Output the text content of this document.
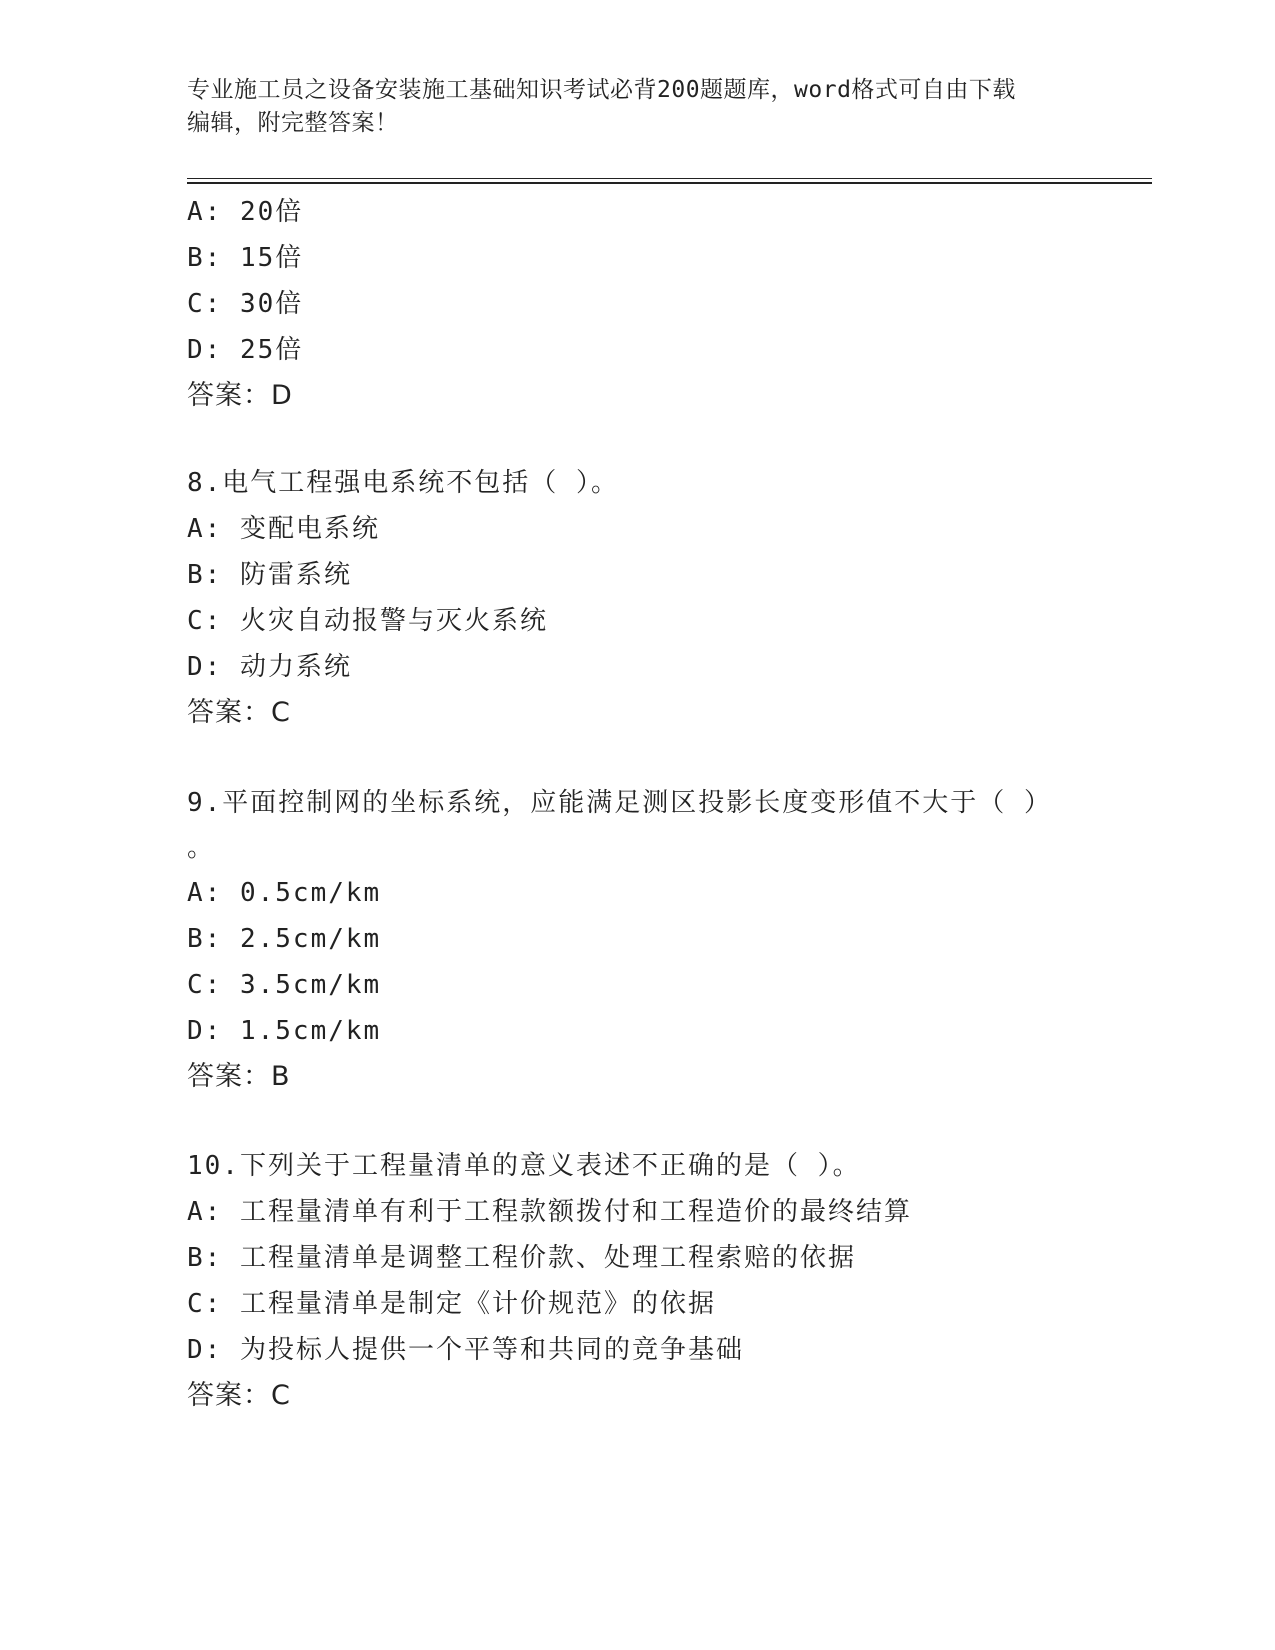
专业施工员之设备安装施工基础知识考试必背200题题库，word格式可自由下载
编辑，附完整答案！
A: 20倍
B: 15倍
C: 30倍
D: 25倍
答案：D
8.电气工程强电系统不包括（ ）。
A: 变配电系统
B: 防雷系统
C: 火灾自动报警与灭火系统
D: 动力系统
答案：C
9.平面控制网的坐标系统，应能满足测区投影长度变形值不大于（ ）
。
A: 0.5cm/km
B: 2.5cm/km
C: 3.5cm/km
D: 1.5cm/km
答案：B
10.下列关于工程量清单的意义表述不正确的是（ ）。
A: 工程量清单有利于工程款额拨付和工程造价的最终结算
B: 工程量清单是调整工程价款、处理工程索赔的依据
C: 工程量清单是制定《计价规范》的依据
D: 为投标人提供一个平等和共同的竞争基础
答案：C
